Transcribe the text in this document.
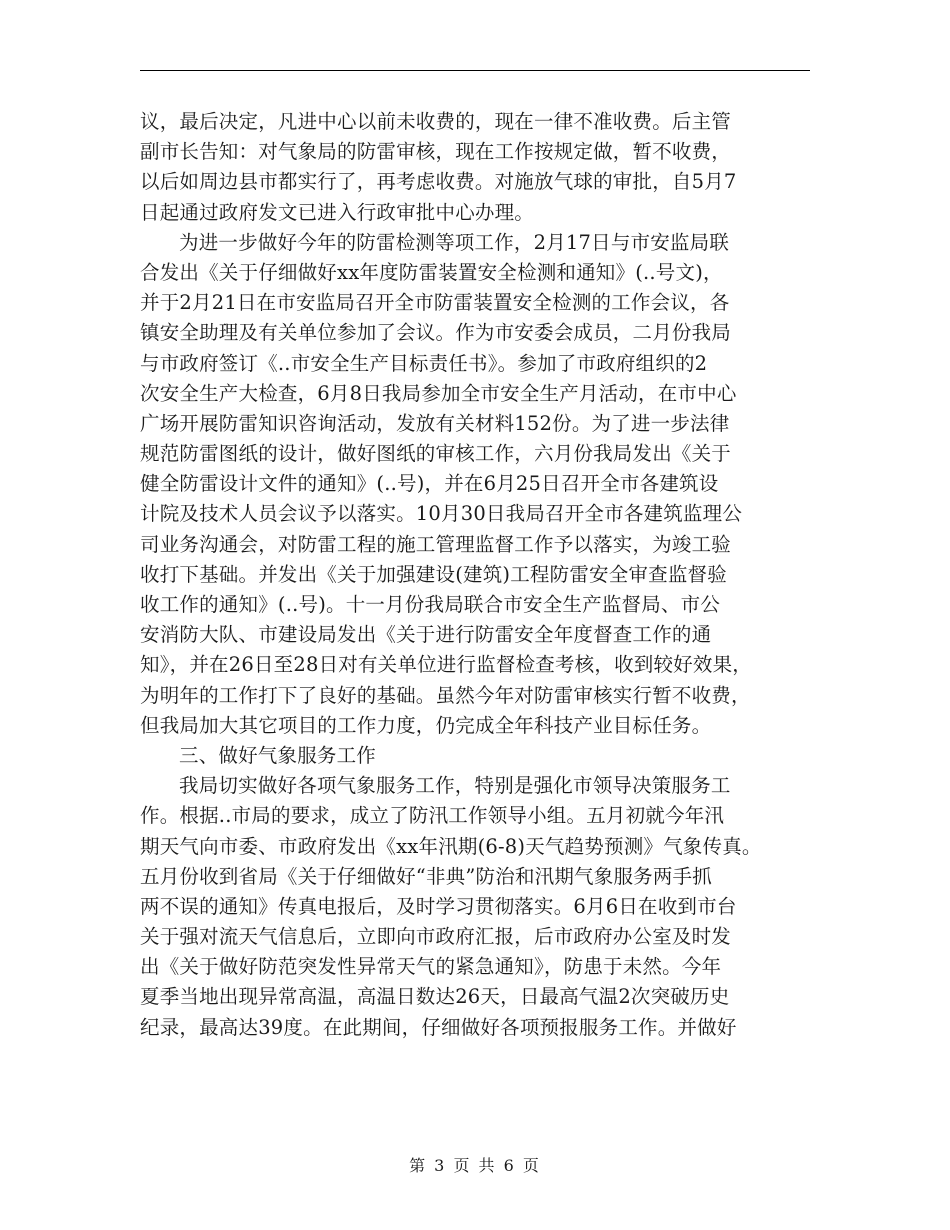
议，最后决定，凡进中心以前未收费的，现在一律不准收费。后主管
副市长告知：对气象局的防雷审核，现在工作按规定做，暂不收费，
以后如周边县市都实行了，再考虑收费。对施放气球的审批，自5月7
日起通过政府发文已进入行政审批中心办理。
为进一步做好今年的防雷检测等项工作，2月17日与市安监局联
合发出《关于仔细做好xx年度防雷装置安全检测和通知》(..号文)，
并于2月21日在市安监局召开全市防雷装置安全检测的工作会议，各
镇安全助理及有关单位参加了会议。作为市安委会成员，二月份我局
与市政府签订《..市安全生产目标责任书》。参加了市政府组织的2
次安全生产大检查，6月8日我局参加全市安全生产月活动，在市中心
广场开展防雷知识咨询活动，发放有关材料152份。为了进一步法律
规范防雷图纸的设计，做好图纸的审核工作，六月份我局发出《关于
健全防雷设计文件的通知》(..号)，并在6月25日召开全市各建筑设
计院及技术人员会议予以落实。10月30日我局召开全市各建筑监理公
司业务沟通会，对防雷工程的施工管理监督工作予以落实，为竣工验
收打下基础。并发出《关于加强建设(建筑)工程防雷安全审查监督验
收工作的通知》(..号)。十一月份我局联合市安全生产监督局、市公
安消防大队、市建设局发出《关于进行防雷安全年度督查工作的通
知》，并在26日至28日对有关单位进行监督检查考核，收到较好效果，
为明年的工作打下了良好的基础。虽然今年对防雷审核实行暂不收费，
但我局加大其它项目的工作力度，仍完成全年科技产业目标任务。
三、做好气象服务工作
我局切实做好各项气象服务工作，特别是强化市领导决策服务工
作。根据..市局的要求，成立了防汛工作领导小组。五月初就今年汛
期天气向市委、市政府发出《xx年汛期(6-8)天气趋势预测》气象传真。
五月份收到省局《关于仔细做好“非典”防治和汛期气象服务两手抓
两不误的通知》传真电报后，及时学习贯彻落实。6月6日在收到市台
关于强对流天气信息后，立即向市政府汇报，后市政府办公室及时发
出《关于做好防范突发性异常天气的紧急通知》，防患于未然。今年
夏季当地出现异常高温，高温日数达26天，日最高气温2次突破历史
纪录，最高达39度。在此期间，仔细做好各项预报服务工作。并做好
第 3 页 共 6 页
